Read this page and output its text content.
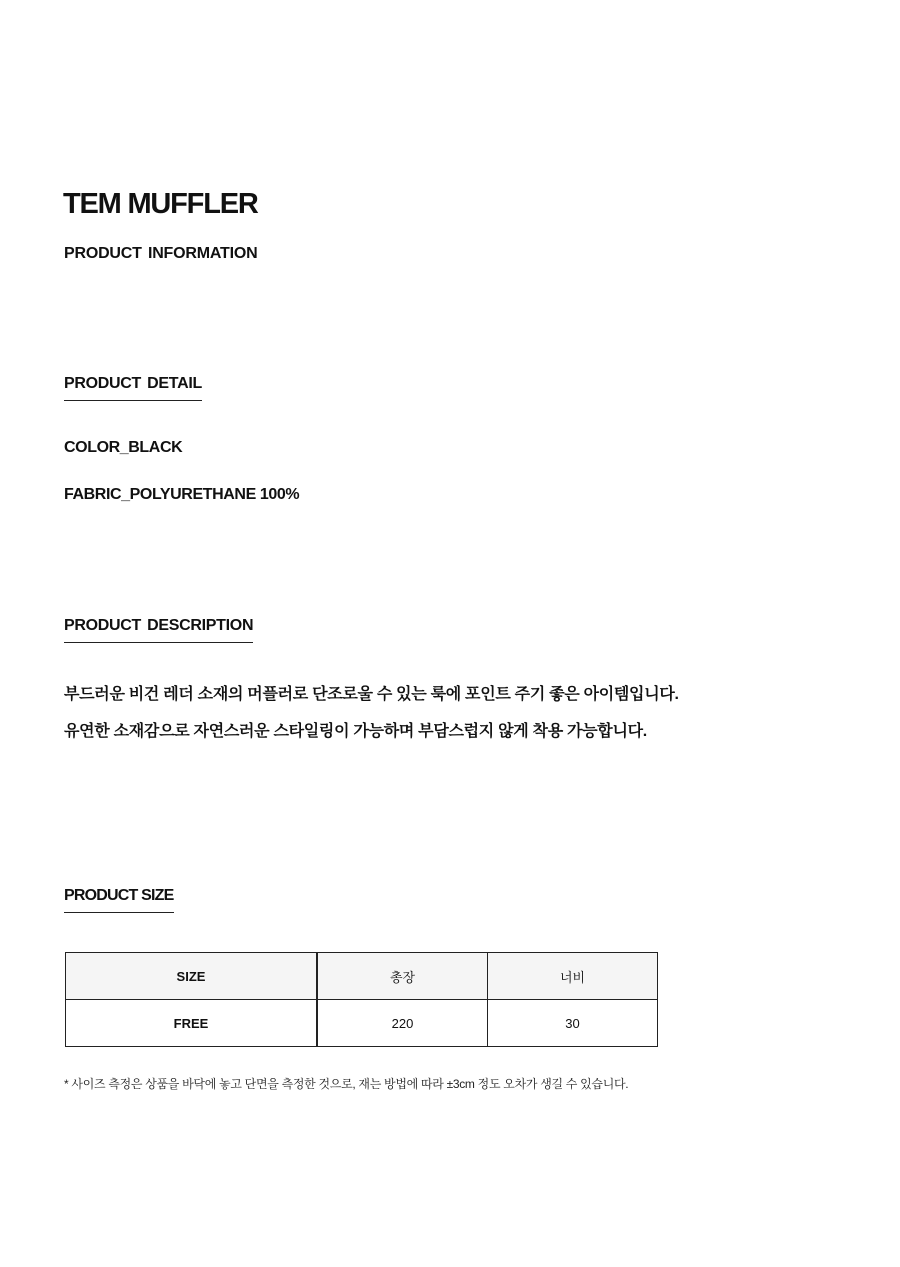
TEM MUFFLER
PRODUCT INFORMATION
PRODUCT DETAIL
COLOR_BLACK
FABRIC_POLYURETHANE 100%
PRODUCT DESCRIPTION
부드러운 비건 레더 소재의 머플러로 단조로울 수 있는 룩에 포인트 주기 좋은 아이템입니다.
유연한 소재감으로 자연스러운 스타일링이 가능하며 부담스럽지 않게 착용 가능합니다.
PRODUCT SIZE
SIZE	총장	너비
FREE	220	30
* 사이즈 측정은 상품을 바닥에 놓고 단면을 측정한 것으로, 재는 방법에 따라 ±3cm 정도 오차가 생길 수 있습니다.
